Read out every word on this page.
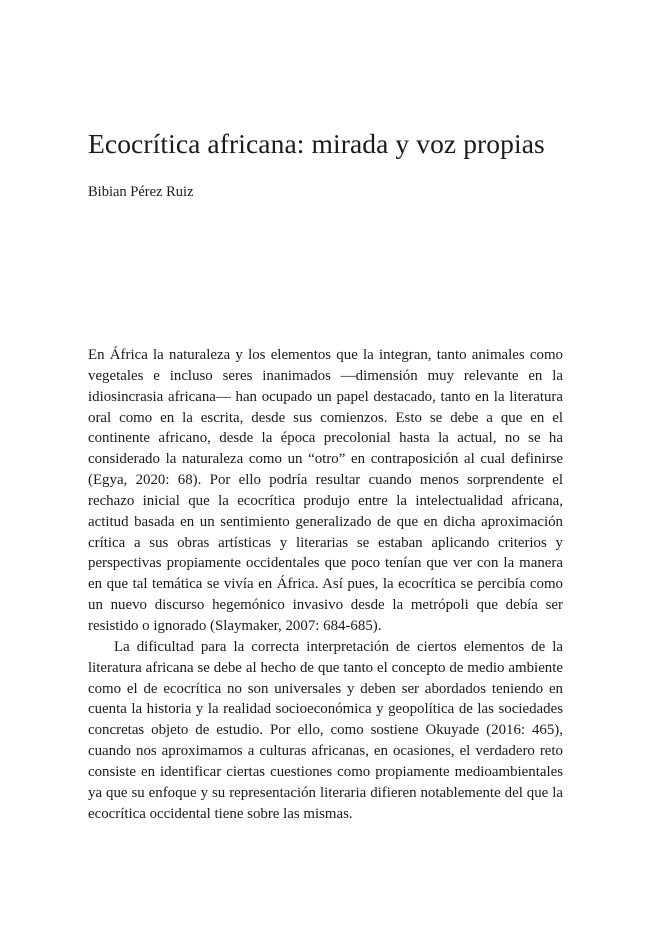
Ecocrítica africana: mirada y voz propias

Bibian Pérez Ruiz

En África la naturaleza y los elementos que la integran, tanto animales como vegetales e incluso seres inanimados —dimensión muy relevante en la idiosincrasia africana— han ocupado un papel destacado, tanto en la literatura oral como en la escrita, desde sus comienzos. Esto se debe a que en el continente africano, desde la época precolonial hasta la actual, no se ha considerado la naturaleza como un “otro” en contraposición al cual definirse (Egya, 2020: 68). Por ello podría resultar cuando menos sorprendente el rechazo inicial que la ecocrítica produjo entre la intelectualidad africana, actitud basada en un sentimiento generalizado de que en dicha aproximación crítica a sus obras artísticas y literarias se estaban aplicando criterios y perspectivas propiamente occidentales que poco tenían que ver con la manera en que tal temática se vivía en África. Así pues, la ecocrítica se percibía como un nuevo discurso hegemónico invasivo desde la metrópoli que debía ser resistido o ignorado (Slaymaker, 2007: 684-685).

La dificultad para la correcta interpretación de ciertos elementos de la literatura africana se debe al hecho de que tanto el concepto de medio ambiente como el de ecocrítica no son universales y deben ser abordados teniendo en cuenta la historia y la realidad socioeconómica y geopolítica de las sociedades concretas objeto de estudio. Por ello, como sostiene Okuyade (2016: 465), cuando nos aproximamos a culturas africanas, en ocasiones, el verdadero reto consiste en identificar ciertas cuestiones como propiamente medioambientales ya que su enfoque y su representación literaria difieren notablemente del que la ecocrítica occidental tiene sobre las mismas.
